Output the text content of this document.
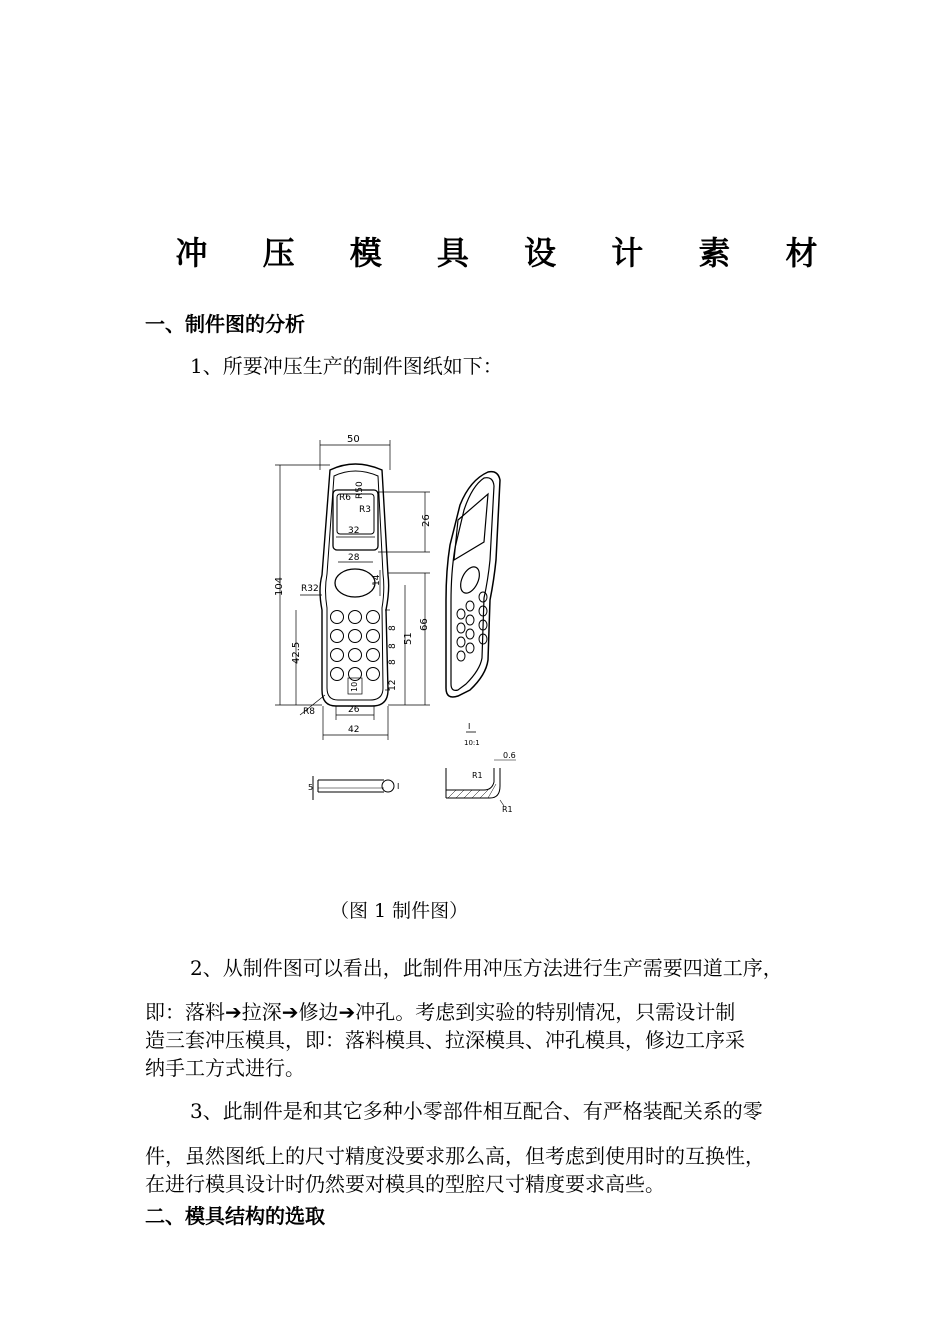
冲 压 模 具 设 计 素 材
一、制件图的分析
1、所要冲压生产的制件图纸如下：
50
R6 R50
R3
32
26
28
104 R32
14
66
51
8
8
8
12
42.5
10
R8	26
42
5	I
I
10:1
0.6
R1
R1
（图 1 制件图）
2、从制件图可以看出，此制件用冲压方法进行生产需要四道工序，
即：落料➔拉深➔修边➔冲孔。考虑到实验的特别情况，只需设计制
造三套冲压模具，即：落料模具、拉深模具、冲孔模具，修边工序采
纳手工方式进行。
3、此制件是和其它多种小零部件相互配合、有严格装配关系的零
件，虽然图纸上的尺寸精度没要求那么高，但考虑到使用时的互换性，
在进行模具设计时仍然要对模具的型腔尺寸精度要求高些。
二、模具结构的选取
